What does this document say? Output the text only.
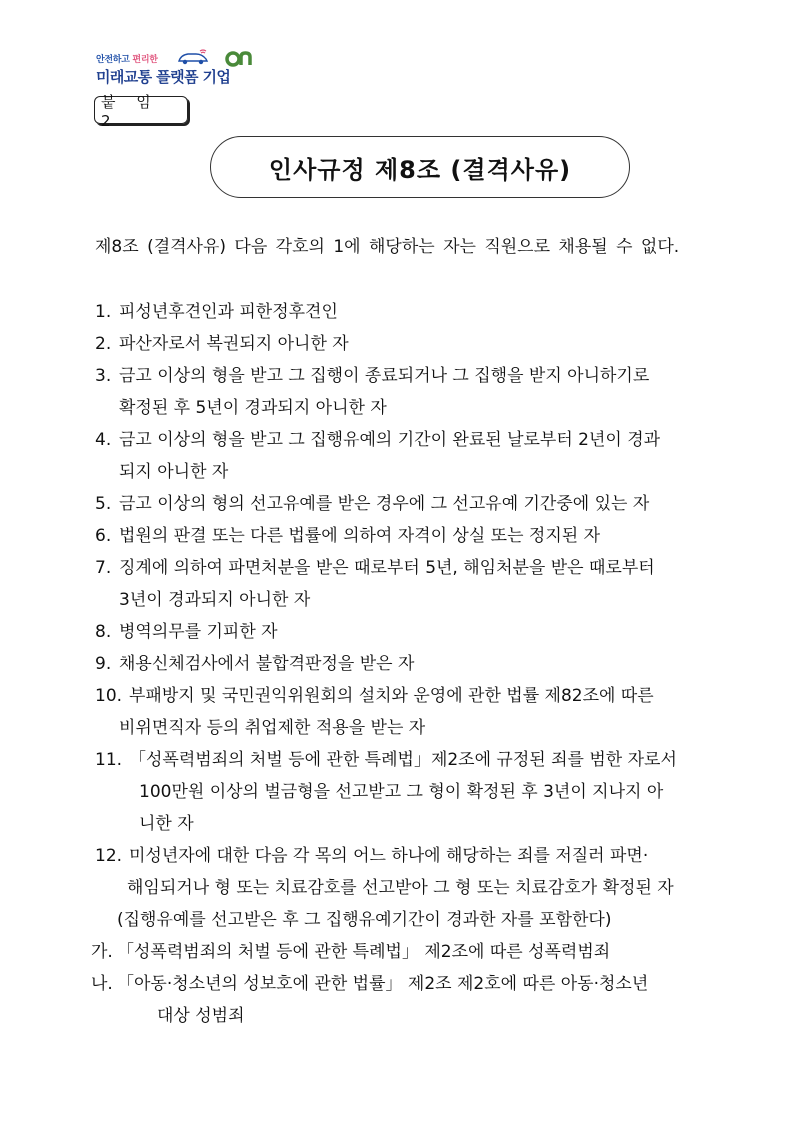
안전하고 편리한
미래교통 플랫폼 기업
붙 임 2
인사규정 제8조 (결격사유)
제8조 (결격사유) 다음 각호의 1에 해당하는 자는 직원으로 채용될 수 없다.
1. 피성년후견인과 피한정후견인
2. 파산자로서 복권되지 아니한 자
3. 금고 이상의 형을 받고 그 집행이 종료되거나 그 집행을 받지 아니하기로
확정된 후 5년이 경과되지 아니한 자
4. 금고 이상의 형을 받고 그 집행유예의 기간이 완료된 날로부터 2년이 경과
되지 아니한 자
5. 금고 이상의 형의 선고유예를 받은 경우에 그 선고유예 기간중에 있는 자
6. 법원의 판결 또는 다른 법률에 의하여 자격이 상실 또는 정지된 자
7. 징계에 의하여 파면처분을 받은 때로부터 5년, 해임처분을 받은 때로부터
3년이 경과되지 아니한 자
8. 병역의무를 기피한 자
9. 채용신체검사에서 불합격판정을 받은 자
10. 부패방지 및 국민권익위원회의 설치와 운영에 관한 법률 제82조에 따른
비위면직자 등의 취업제한 적용을 받는 자
11. 「성폭력범죄의 처벌 등에 관한 특례법」제2조에 규정된 죄를 범한 자로서
100만원 이상의 벌금형을 선고받고 그 형이 확정된 후 3년이 지나지 아
니한 자
12. 미성년자에 대한 다음 각 목의 어느 하나에 해당하는 죄를 저질러 파면·
해임되거나 형 또는 치료감호를 선고받아 그 형 또는 치료감호가 확정된 자
(집행유예를 선고받은 후 그 집행유예기간이 경과한 자를 포함한다)
가. 「성폭력범죄의 처벌 등에 관한 특례법」 제2조에 따른 성폭력범죄
나. 「아동·청소년의 성보호에 관한 법률」 제2조 제2호에 따른 아동·청소년
대상 성범죄
